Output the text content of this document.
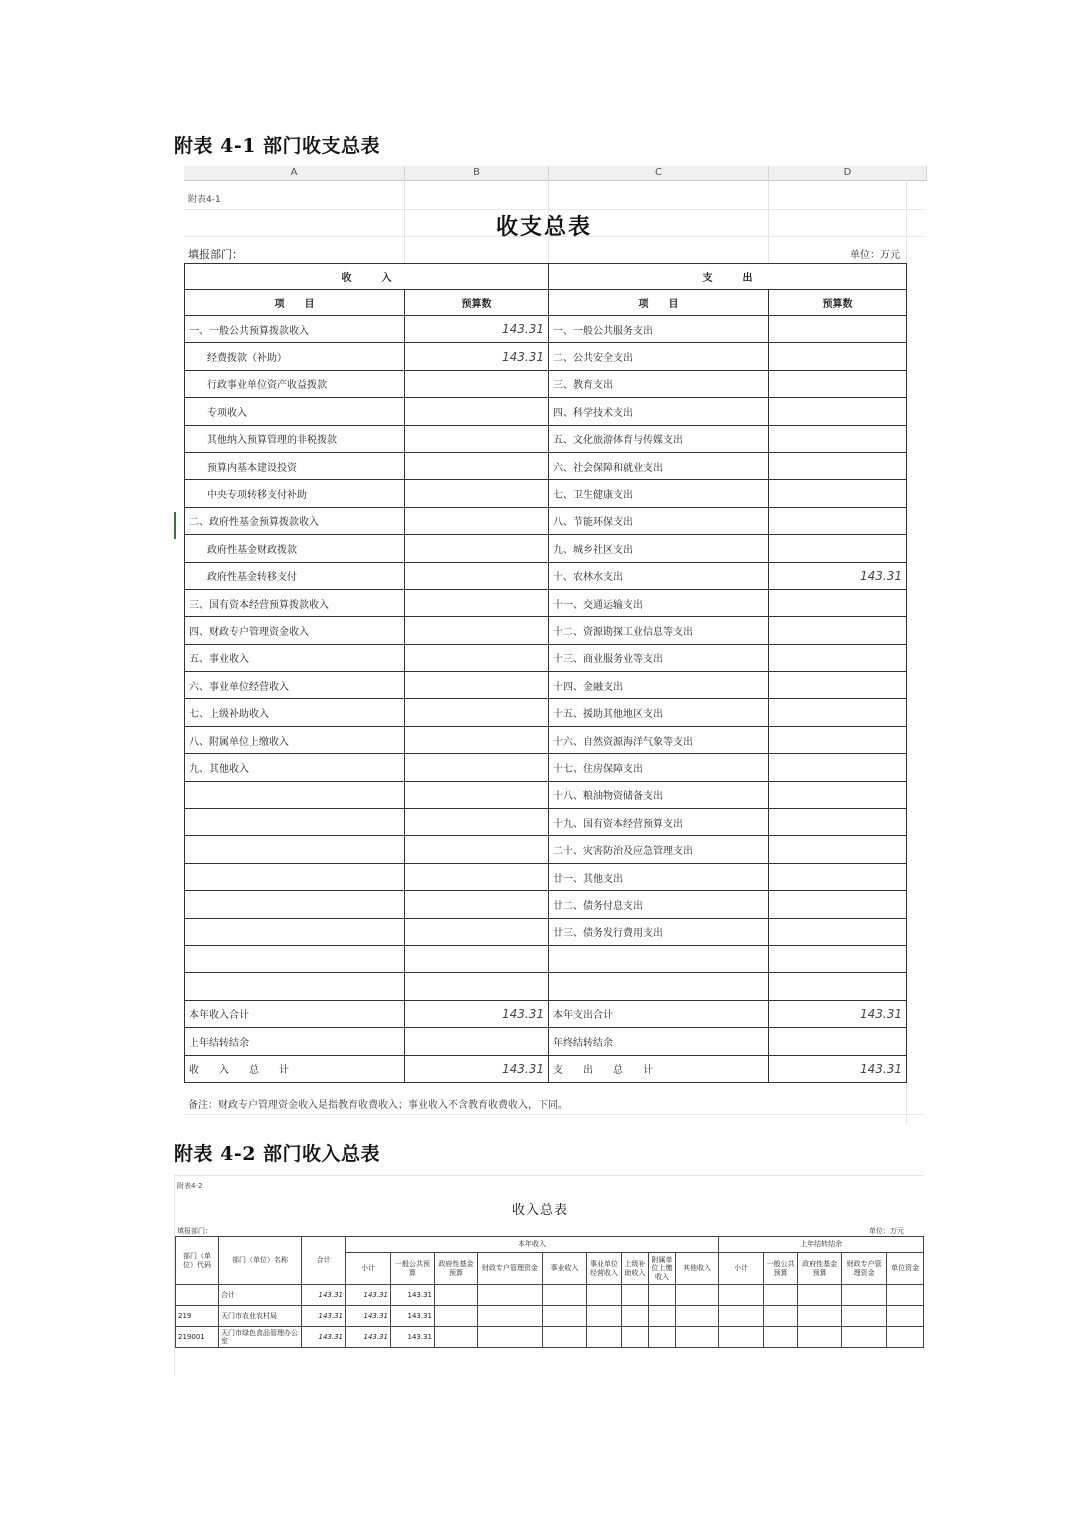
附表 4-1 部门收支总表
A	B	C	D
附表4-1
收支总表
填报部门：	单位：万元
收　　　入		支　　　出	
项　　目	预算数	项　　目	预算数
一、一般公共预算拨款收入	143.31	一、一般公共服务支出	
经费拨款（补助）	143.31	二、公共安全支出	
行政事业单位资产收益拨款		三、教育支出	
专项收入		四、科学技术支出	
其他纳入预算管理的非税拨款		五、文化旅游体育与传媒支出	
预算内基本建设投资		六、社会保障和就业支出	
中央专项转移支付补助		七、卫生健康支出	
二、政府性基金预算拨款收入		八、节能环保支出	
政府性基金财政拨款		九、城乡社区支出	
政府性基金转移支付		十、农林水支出	143.31
三、国有资本经营预算拨款收入		十一、交通运输支出	
四、财政专户管理资金收入		十二、资源勘探工业信息等支出	
五、事业收入		十三、商业服务业等支出	
六、事业单位经营收入		十四、金融支出	
七、上级补助收入		十五、援助其他地区支出	
八、附属单位上缴收入		十六、自然资源海洋气象等支出	
九、其他收入		十七、住房保障支出	
		十八、粮油物资储备支出	
		十九、国有资本经营预算支出	
		二十、灾害防治及应急管理支出	
		廿一、其他支出	
		廿二、债务付息支出	
		廿三、债务发行费用支出	

本年收入合计	143.31	本年支出合计	143.31
上年结转结余		年终结转结余	
收　　入　　总　　计	143.31	支　　出　　总　　计	143.31
备注：财政专户管理资金收入是指教育收费收入；事业收入不含教育收费收入，下同。
附表 4-2 部门收入总表
附表4-2
收入总表
填报部门：	单位：万元
部门（单位）代码	部门（单位）名称	合计	本年收入									上年结转结余				
			小计	一般公共预算	政府性基金预算	财政专户管理资金	事业收入	事业单位经营收入	上级补助收入	附属单位上缴收入	其他收入	小计	一般公共预算	政府性基金预算	财政专户管理资金	单位资金
	合计	143.31	143.31	143.31												
219	天门市农业农村局	143.31	143.31	143.31												
219001	天门市绿色食品管理办公室	143.31	143.31	143.31												
